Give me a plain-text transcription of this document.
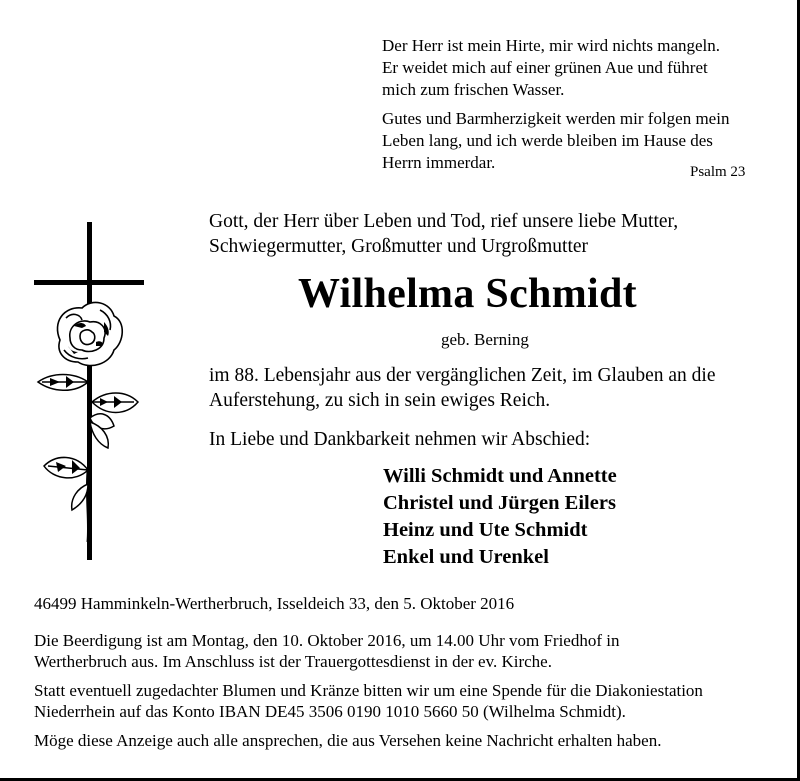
Der Herr ist mein Hirte, mir wird nichts mangeln.
Er weidet mich auf einer grünen Aue und führet
mich zum frischen Wasser.

Gutes und Barmherzigkeit werden mir folgen mein
Leben lang, und ich werde bleiben im Hause des
Herrn immerdar.	Psalm 23
Gott, der Herr über Leben und Tod, rief unsere liebe Mutter,
Schwiegermutter, Großmutter und Urgroßmutter
Wilhelma Schmidt
geb. Berning
im 88. Lebensjahr aus der vergänglichen Zeit, im Glauben an die
Auferstehung, zu sich in sein ewiges Reich.
In Liebe und Dankbarkeit nehmen wir Abschied:
Willi Schmidt und Annette
Christel und Jürgen Eilers
Heinz und Ute Schmidt
Enkel und Urenkel
46499 Hamminkeln-Wertherbruch, Isseldeich 33, den 5. Oktober 2016

Die Beerdigung ist am Montag, den 10. Oktober 2016, um 14.00 Uhr vom Friedhof in
Wertherbruch aus. Im Anschluss ist der Trauergottesdienst in der ev. Kirche.

Statt eventuell zugedachter Blumen und Kränze bitten wir um eine Spende für die Diakoniestation
Niederrhein auf das Konto IBAN DE45 3506 0190 1010 5660 50 (Wilhelma Schmidt).

Möge diese Anzeige auch alle ansprechen, die aus Versehen keine Nachricht erhalten haben.
